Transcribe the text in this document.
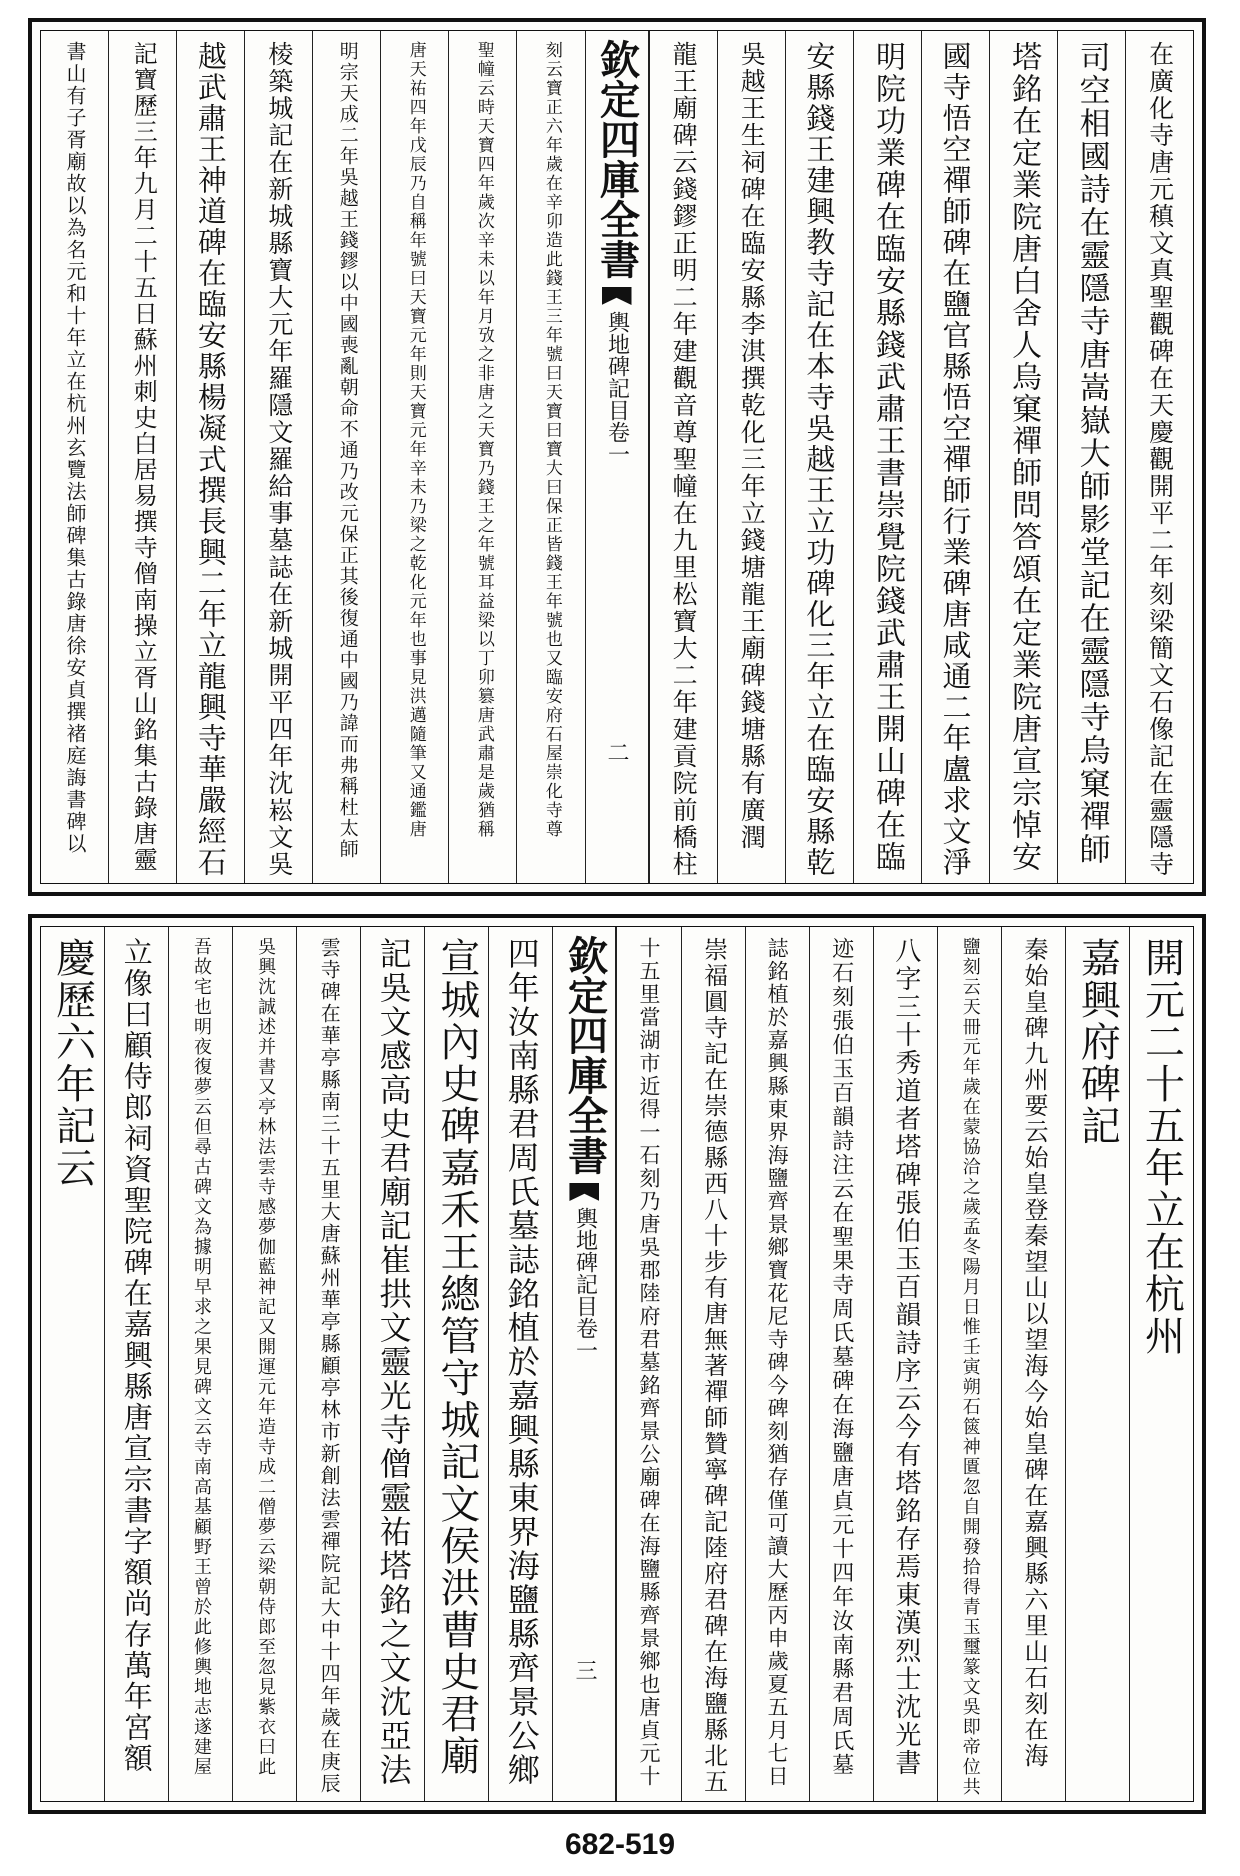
在廣化寺唐元稹文真聖觀碑在天慶觀開平二年刻梁簡文石像記在靈隱寺
司空相國詩在靈隱寺唐嵩嶽大師影堂記在靈隱寺烏窠禪師
塔銘在定業院唐白舍人烏窠禪師問答頌在定業院唐宣宗悼安
國寺悟空禪師碑在鹽官縣悟空禪師行業碑唐咸通二年盧求文淨
明院功業碑在臨安縣錢武肅王書崇覺院錢武肅王開山碑在臨
安縣錢王建興教寺記在本寺吳越王立功碑化三年立在臨安縣乾
吳越王生祠碑在臨安縣李淇撰乾化三年立錢塘龍王廟碑錢塘縣有廣潤
龍王廟碑云錢鏐正明二年建觀音尊聖幢在九里松寶大二年建貢院前橋柱
欽定四庫全書
輿地碑記目
卷一
二
刻云寶正六年歲在辛卯造此錢王三年號曰天寶曰寶大曰保正皆錢王年號也又臨安府石屋崇化寺尊
聖幢云時天寶四年歲次辛未以年月攷之非唐之天寶乃錢王之年號耳益梁以丁卯篡唐武肅是歲猶稱
唐天祐四年戊辰乃自稱年號曰天寶元年則天寶元年辛未乃梁之乾化元年也事見洪邁隨筆又通鑑唐
明宗天成二年吳越王錢鏐以中國喪亂朝命不通乃改元保正其後復通中國乃諱而弗稱杜太師
棱築城記在新城縣寶大元年羅隱文羅給事墓誌在新城開平四年沈崧文吳
越武肅王神道碑在臨安縣楊凝式撰長興二年立龍興寺華嚴經石
記寶歷三年九月二十五日蘇州刺史白居易撰寺僧南操立胥山銘集古錄唐靈
書山有子胥廟故以為名元和十年立在杭州玄覽法師碑集古錄唐徐安貞撰褚庭誨書碑以
開元二十五年立在杭州
嘉興府碑記
秦始皇碑九州要云始皇登秦望山以望海今始皇碑在嘉興縣六里山石刻在海
鹽刻云天冊元年歲在蒙協洽之歲孟冬陽月日惟壬寅朔石篋神匱忽自開發拾得青玉璽篆文吳即帝位共
八字三十秀道者塔碑張伯玉百韻詩序云今有塔銘存焉東漢烈士沈光書
迹石刻張伯玉百韻詩注云在聖果寺周氏墓碑在海鹽唐貞元十四年汝南縣君周氏墓
誌銘植於嘉興縣東界海鹽齊景鄉寶花尼寺碑今碑刻猶存僅可讀大歷丙申歲夏五月七日
崇福圓寺記在崇德縣西八十步有唐無著禪師贊寧碑記陸府君碑在海鹽縣北五
十五里當湖市近得一石刻乃唐吳郡陸府君墓銘齊景公廟碑在海鹽縣齊景鄉也唐貞元十
欽定四庫全書
輿地碑記目
卷一
三
四年汝南縣君周氏墓誌銘植於嘉興縣東界海鹽縣齊景公鄉
宣城內史碑嘉禾王總管守城記文侯洪曹史君廟
記吳文感高史君廟記崔拱文靈光寺僧靈祐塔銘之文沈亞法
雲寺碑在華亭縣南三十五里大唐蘇州華亭縣顧亭林市新創法雲禪院記大中十四年歲在庚辰
吳興沈誠述并書又亭林法雲寺感夢伽藍神記又開運元年造寺成二僧夢云梁朝侍郎至忽見紫衣曰此
吾故宅也明夜復夢云但尋古碑文為據明早求之果見碑文云寺南高基顧野王曾於此修輿地志遂建屋
立像曰顧侍郎祠資聖院碑在嘉興縣唐宣宗書字額尚存萬年宮額
慶歷六年記云
682-519
